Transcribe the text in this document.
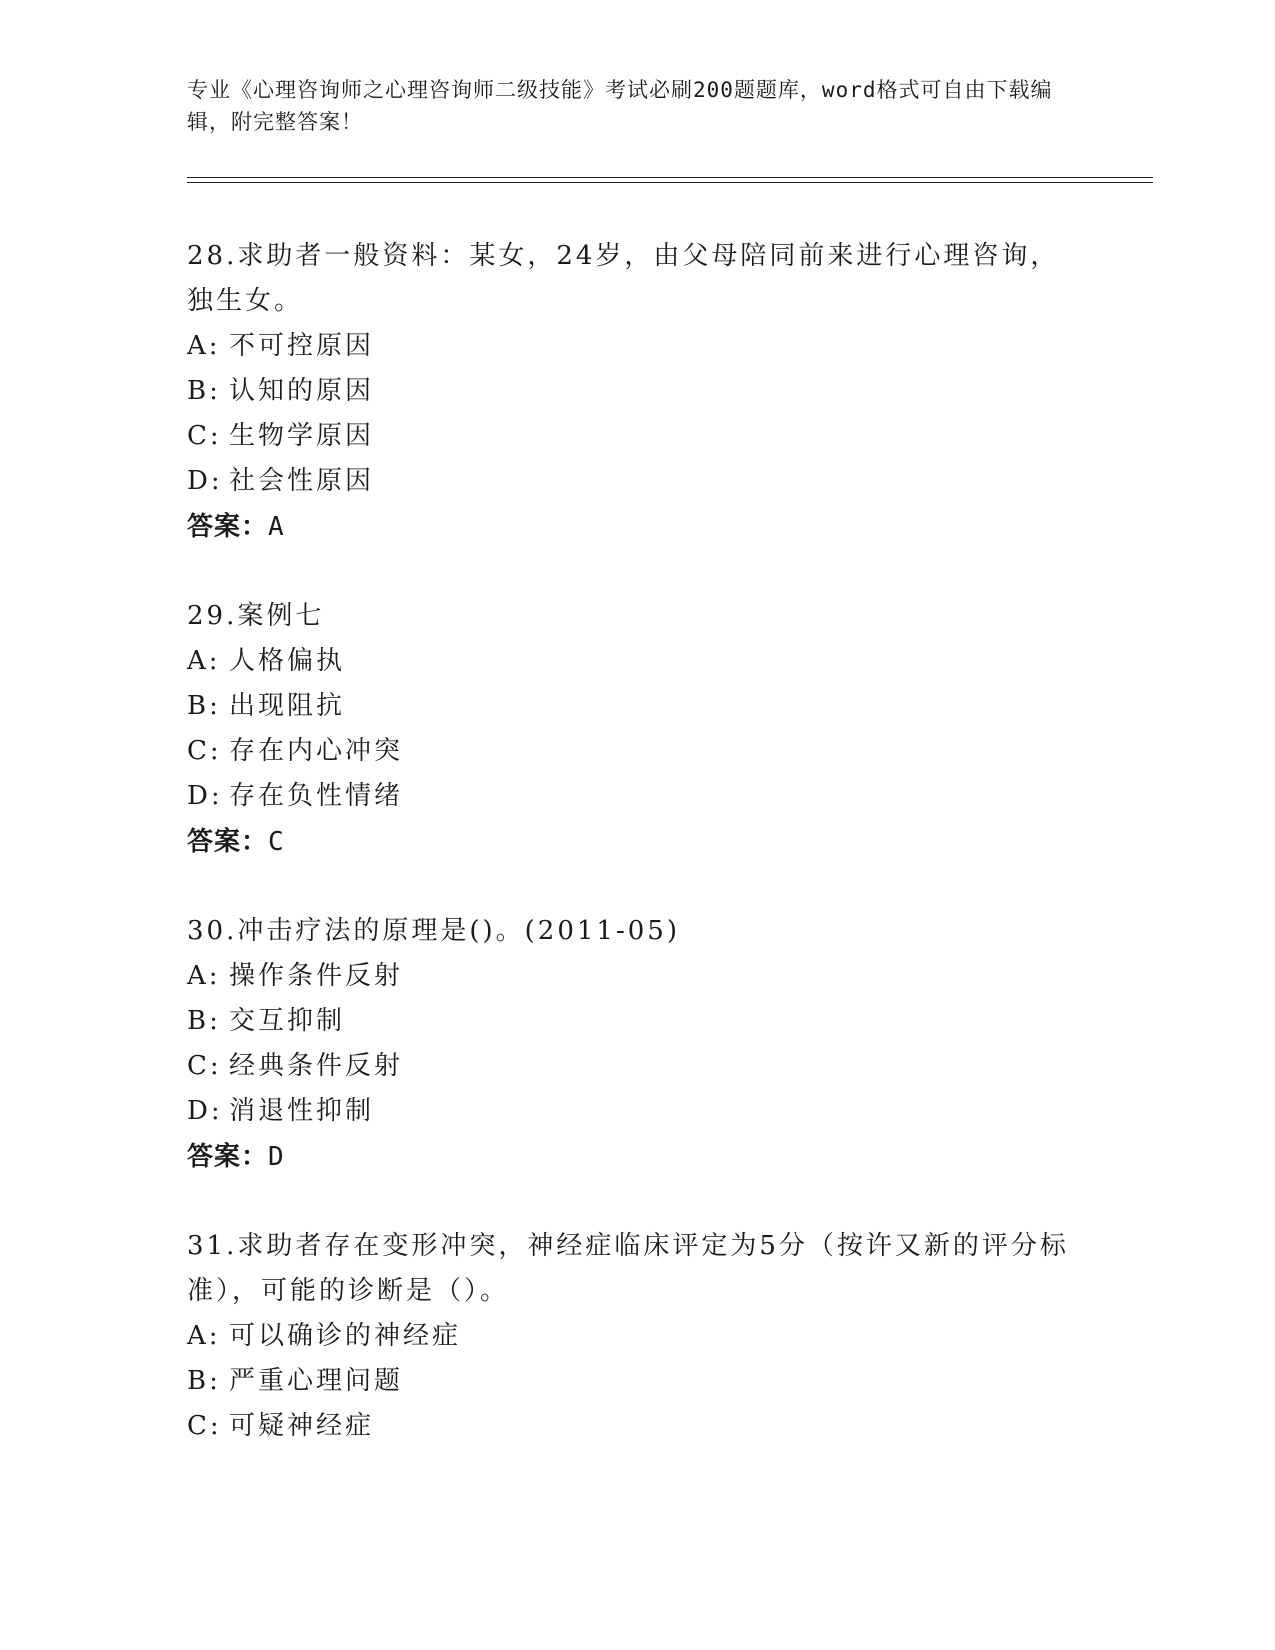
专业《心理咨询师之心理咨询师二级技能》考试必刷200题题库，word格式可自由下载编辑，附完整答案！

28.求助者一般资料：某女，24岁，由父母陪同前来进行心理咨询，独生女。

A: 不可控原因
B: 认知的原因
C: 生物学原因
D: 社会性原因
答案：A

29.案例七

A: 人格偏执
B: 出现阻抗
C: 存在内心冲突
D: 存在负性情绪
答案：C

30.冲击疗法的原理是()。(2011-05)

A: 操作条件反射
B: 交互抑制
C: 经典条件反射
D: 消退性抑制
答案：D

31.求助者存在变形冲突，神经症临床评定为5分（按许又新的评分标准），可能的诊断是（）。

A: 可以确诊的神经症
B: 严重心理问题
C: 可疑神经症
